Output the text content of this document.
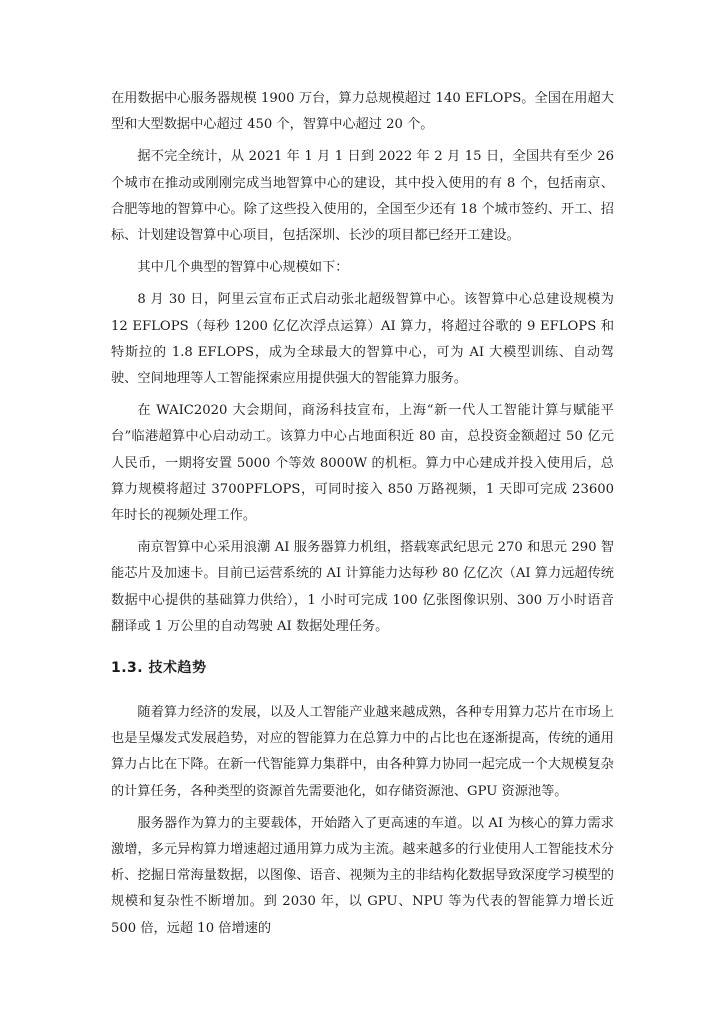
在用数据中心服务器规模 1900 万台，算力总规模超过 140 EFLOPS。全国在用超大型和大型数据中心超过 450 个，智算中心超过 20 个。

据不完全统计，从 2021 年 1 月 1 日到 2022 年 2 月 15 日，全国共有至少 26 个城市在推动或刚刚完成当地智算中心的建设，其中投入使用的有 8 个，包括南京、合肥等地的智算中心。除了这些投入使用的，全国至少还有 18 个城市签约、开工、招标、计划建设智算中心项目，包括深圳、长沙的项目都已经开工建设。

其中几个典型的智算中心规模如下：

8 月 30 日，阿里云宣布正式启动张北超级智算中心。该智算中心总建设规模为 12 EFLOPS（每秒 1200 亿亿次浮点运算）AI 算力，将超过谷歌的 9 EFLOPS 和特斯拉的 1.8 EFLOPS，成为全球最大的智算中心，可为 AI 大模型训练、自动驾驶、空间地理等人工智能探索应用提供强大的智能算力服务。

在 WAIC2020 大会期间，商汤科技宣布，上海“新一代人工智能计算与赋能平台”临港超算中心启动动工。该算力中心占地面积近 80 亩，总投资金额超过 50 亿元人民币，一期将安置 5000 个等效 8000W 的机柜。算力中心建成并投入使用后，总算力规模将超过 3700PFLOPS，可同时接入 850 万路视频，1 天即可完成 23600 年时长的视频处理工作。

南京智算中心采用浪潮 AI 服务器算力机组，搭载寒武纪思元 270 和思元 290 智能芯片及加速卡。目前已运营系统的 AI 计算能力达每秒 80 亿亿次（AI 算力远超传统数据中心提供的基础算力供给），1 小时可完成 100 亿张图像识别、300 万小时语音翻译或 1 万公里的自动驾驶 AI 数据处理任务。

1.3. 技术趋势

随着算力经济的发展，以及人工智能产业越来越成熟，各种专用算力芯片在市场上也是呈爆发式发展趋势，对应的智能算力在总算力中的占比也在逐渐提高，传统的通用算力占比在下降。在新一代智能算力集群中，由各种算力协同一起完成一个大规模复杂的计算任务，各种类型的资源首先需要池化，如存储资源池、GPU 资源池等。

服务器作为算力的主要载体，开始踏入了更高速的车道。以 AI 为核心的算力需求激增，多元异构算力增速超过通用算力成为主流。越来越多的行业使用人工智能技术分析、挖掘日常海量数据，以图像、语音、视频为主的非结构化数据导致深度学习模型的规模和复杂性不断增加。到 2030 年，以 GPU、NPU 等为代表的智能算力增长近 500 倍，远超 10 倍增速的
